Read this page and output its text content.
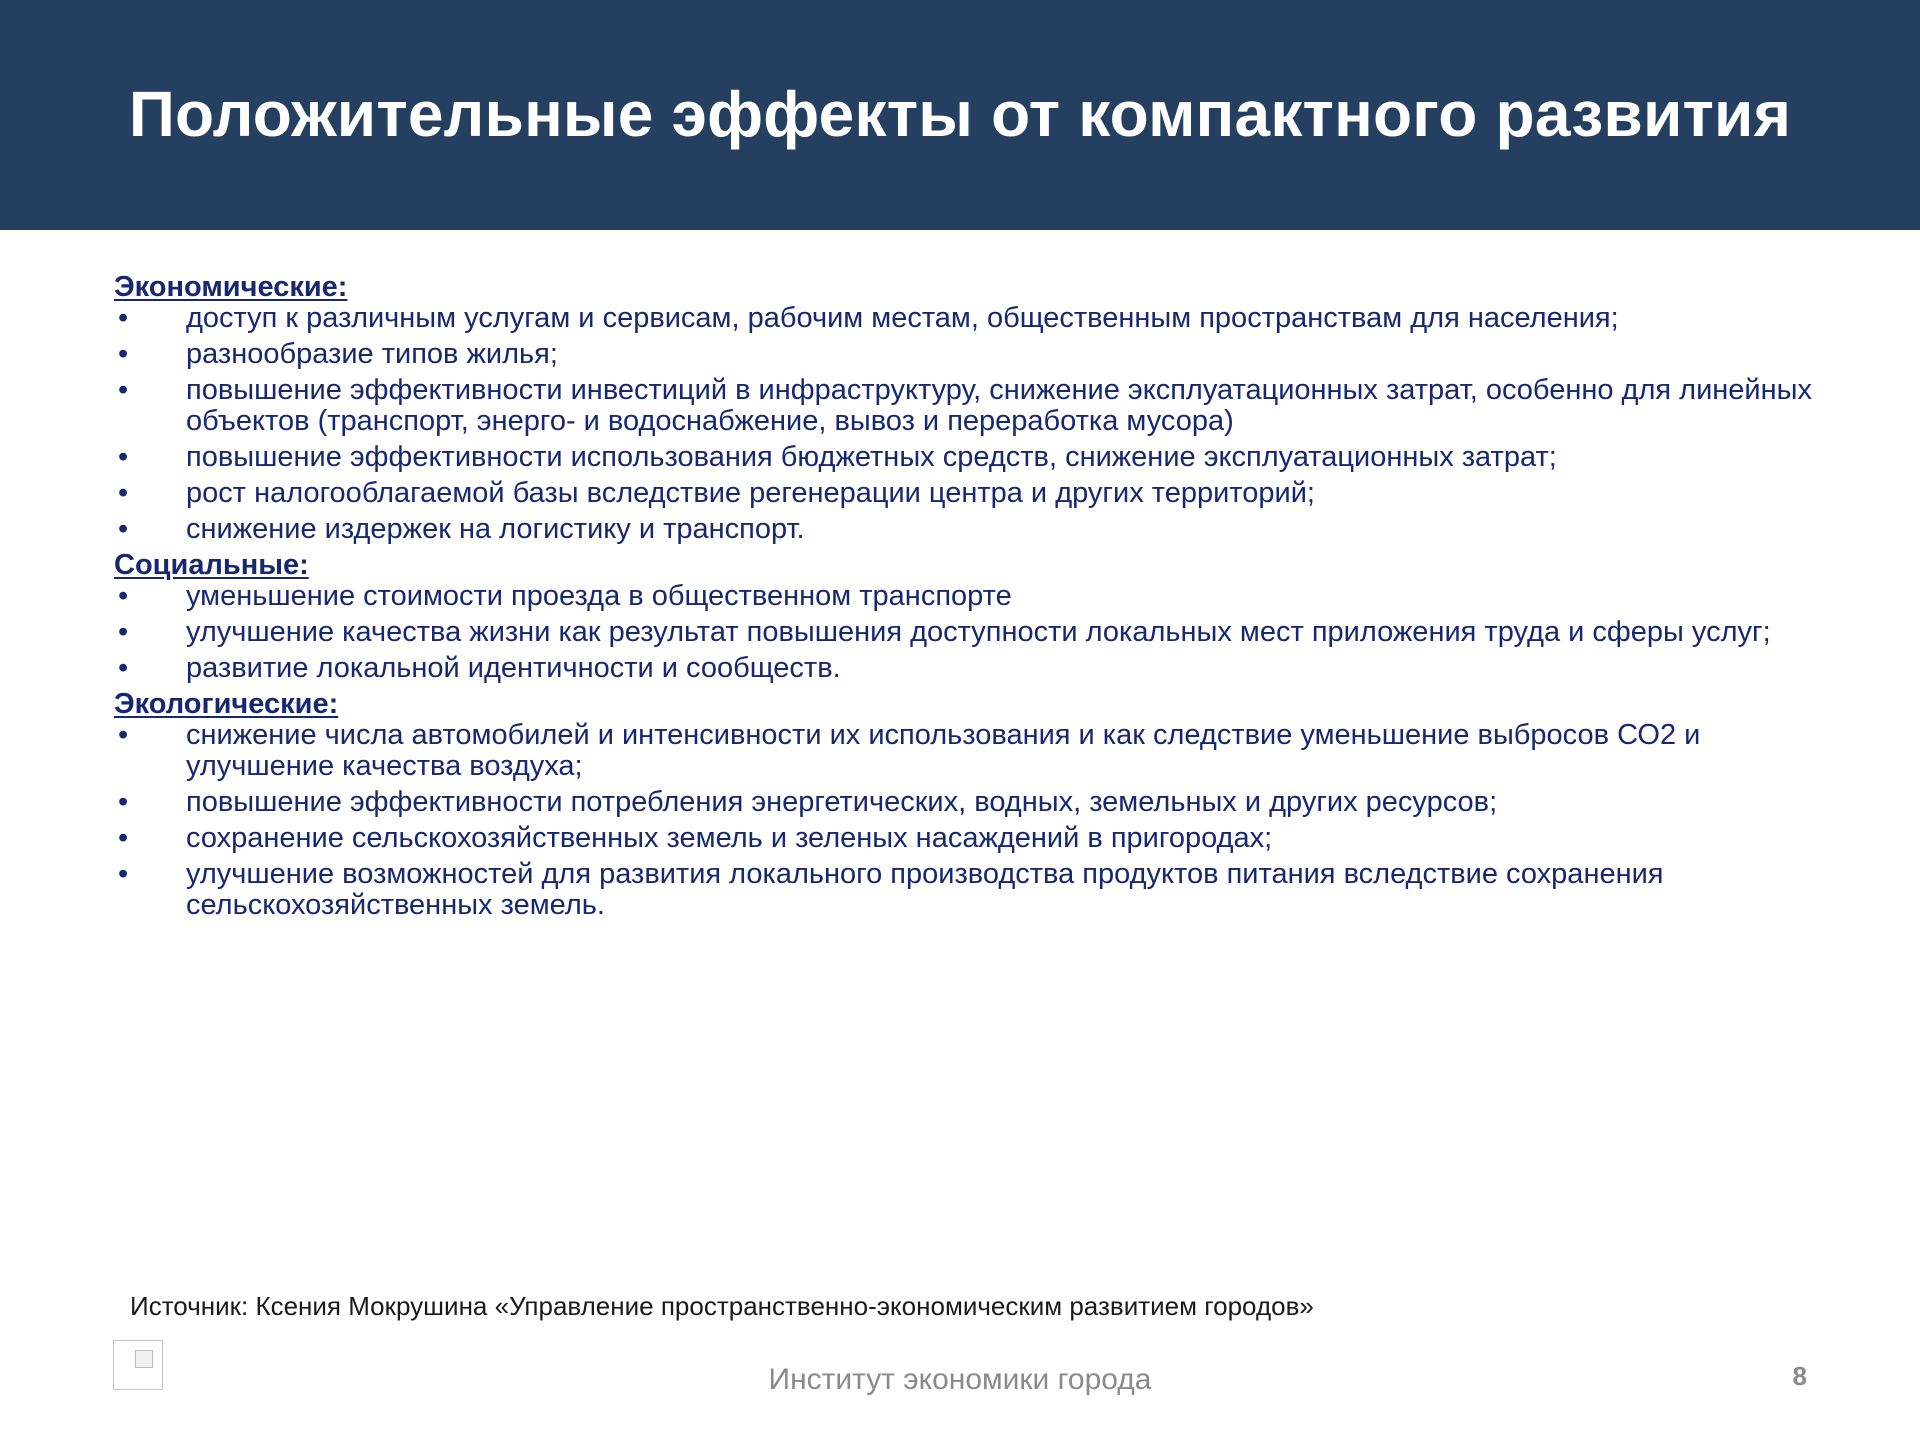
Положительные эффекты от компактного развития
Экономические:
• доступ к различным услугам и сервисам, рабочим местам, общественным пространствам для населения;
• разнообразие типов жилья;
• повышение эффективности инвестиций в инфраструктуру, снижение эксплуатационных затрат, особенно для линейных объектов (транспорт, энерго- и водоснабжение, вывоз и переработка мусора)
• повышение эффективности использования бюджетных средств, снижение эксплуатационных затрат;
• рост налогооблагаемой базы вследствие регенерации центра и других территорий;
• снижение издержек на логистику и транспорт.
Социальные:
• уменьшение стоимости проезда в общественном транспорте
• улучшение качества жизни как результат повышения доступности локальных мест приложения труда и сферы услуг;
• развитие локальной идентичности и сообществ.
Экологические:
• снижение числа автомобилей и интенсивности их использования и как следствие уменьшение выбросов СО2 и улучшение качества воздуха;
• повышение эффективности потребления энергетических, водных, земельных и других ресурсов;
• сохранение сельскохозяйственных земель и зеленых насаждений в пригородах;
• улучшение возможностей для развития локального производства продуктов питания вследствие сохранения сельскохозяйственных земель.
Источник: Ксения Мокрушина «Управление пространственно-экономическим развитием городов»
Институт экономики города	8
